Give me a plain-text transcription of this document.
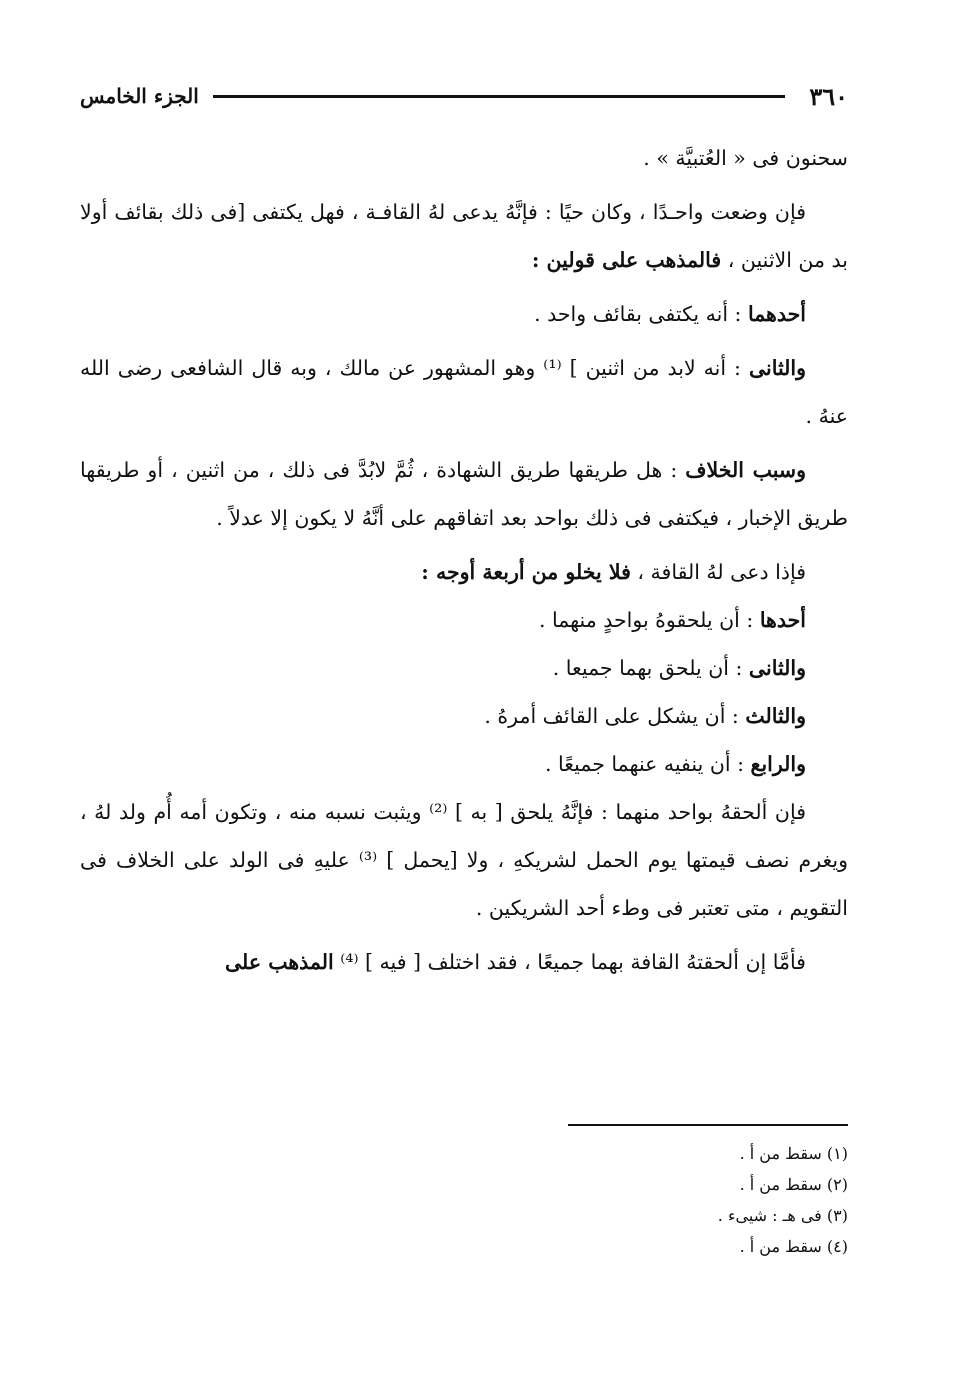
٣٦٠
الجزء الخامس

سحنون فى « العُتبيَّة » .

فإن وضعت واحـدًا ، وكان حيًا : فإنَّهُ يدعى لهُ القافـة ، فهل يكتفى [فى ذلك بقائف أولا بد من الاثنين ، فالمذهب على قولين :

أحدهما : أنه يكتفى بقائف واحد .

والثانى : أنه لابد من اثنين ] ⁽¹⁾ وهو المشهور عن مالك ، وبه قال الشافعى رضى الله عنهُ .

وسبب الخلاف : هل طريقها طريق الشهادة ، ثُمَّ لابُدَّ فى ذلك ، من اثنين ، أو طريقها طريق الإخبار ، فيكتفى فى ذلك بواحد بعد اتفاقهم على أنَّهُ لا يكون إلا عدلاً .

فإذا دعى لهُ القافة ، فلا يخلو من أربعة أوجه :

أحدها : أن يلحقوهُ بواحدٍ منهما .

والثانى : أن يلحق بهما جميعا .

والثالث : أن يشكل على القائف أمرهُ .

والرابع : أن ينفيه عنهما جميعًا .

فإن ألحقهُ بواحد منهما : فإنَّهُ يلحق [ به ] ⁽²⁾ ويثبت نسبه منه ، وتكون أمه أُم ولد لهُ ، ويغرم نصف قيمتها يوم الحمل لشريكهِ ، ولا [يحمل ] ⁽³⁾ عليهِ فى الولد على الخلاف فى التقويم ، متى تعتبر فى وطء أحد الشريكين .

فأمَّا إن ألحقتهُ القافة بهما جميعًا ، فقد اختلف [ فيه ] ⁽⁴⁾ المذهب على

(١) سقط من أ .

(٢) سقط من أ .

(٣) فى هـ : شيىء .

(٤) سقط من أ .
